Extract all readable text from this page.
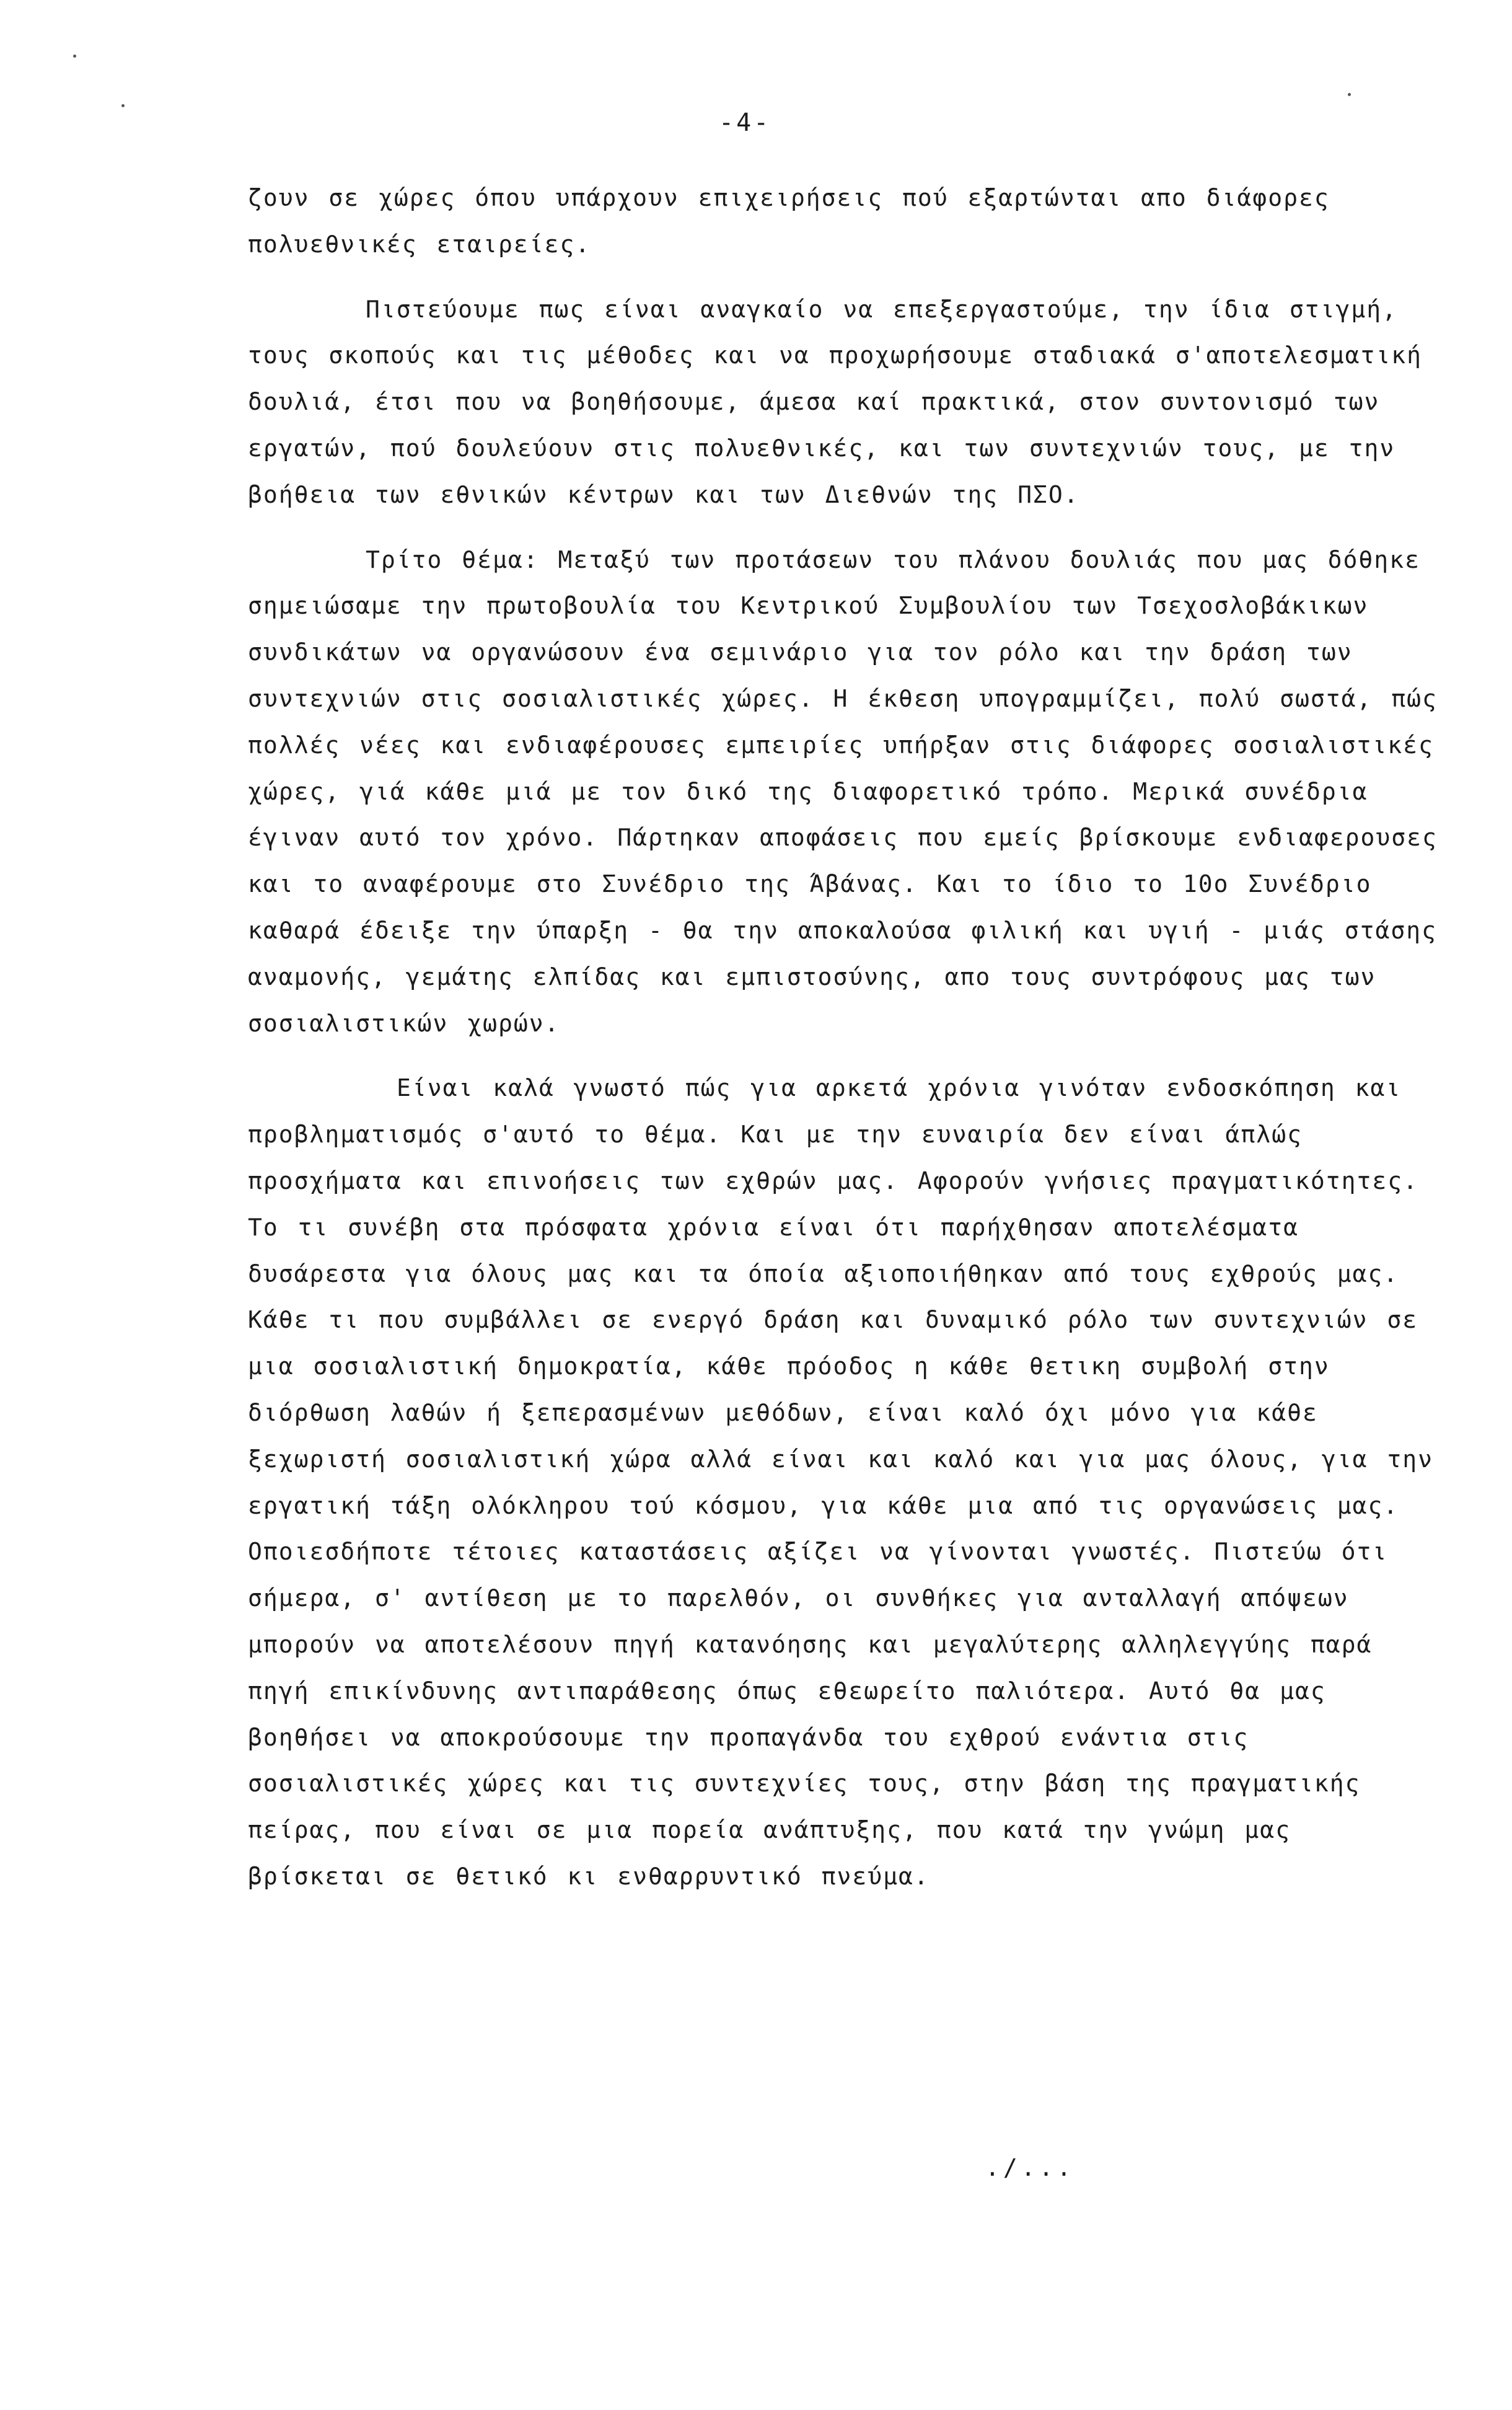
-4-

ζουν σε χώρες όπου υπάρχουν επιχειρήσεις πού εξαρτώνται απο διάφορες πολυεθνικές εταιρείες.

Πιστεύουμε πως είναι αναγκαίο να επεξεργαστούμε, την ίδια στιγμή, τους σκοπούς και τις μέθοδες και να προχωρήσουμε σταδιακά σ'αποτελεσματική δουλιά, έτσι που να βοηθήσουμε, άμεσα καί πρακτικά, στον συντονισμό των εργατών, πού δουλεύουν στις πολυεθνικές, και των συντεχνιών τους, με την βοήθεια των εθνικών κέντρων και των Διεθνών της ΠΣΟ.

Τρίτο θέμα: Μεταξύ των προτάσεων του πλάνου δουλιάς που μας δόθηκε σημειώσαμε την πρωτοβουλία του Κεντρικού Συμβουλίου των Τσεχοσλοβάκικων συνδικάτων να οργανώσουν ένα σεμινάριο για τον ρόλο και την δράση των συντεχνιών στις σοσιαλιστικές χώρες. Η έκθεση υπογραμμίζει, πολύ σωστά, πώς πολλές νέες και ενδιαφέρουσες εμπειρίες υπήρξαν στις διάφορες σοσιαλιστικές χώρες, γιά κάθε μιά με τον δικό της διαφορετικό τρόπο. Μερικά συνέδρια έγιναν αυτό τον χρόνο. Πάρτηκαν αποφάσεις που εμείς βρίσκουμε ενδιαφερουσες και το αναφέρουμε στο Συνέδριο της Άβάνας. Και το ίδιο το 10ο Συνέδριο καθαρά έδειξε την ύπαρξη - θα την αποκαλούσα φιλική και υγιή - μιάς στάσης αναμονής, γεμάτης ελπίδας και εμπιστοσύνης, απο τους συντρόφους μας των σοσιαλιστικών χωρών.

Είναι καλά γνωστό πώς για αρκετά χρόνια γινόταν ενδοσκόπηση και προβληματισμός σ'αυτό το θέμα. Και με την ευναιρία δεν είναι άπλώς προσχήματα και επινοήσεις των εχθρών μας. Αφορούν γνήσιες πραγματικότητες. Το τι συνέβη στα πρόσφατα χρόνια είναι ότι παρήχθησαν αποτελέσματα δυσάρεστα για όλους μας και τα όποία αξιοποιήθηκαν από τους εχθρούς μας. Κάθε τι που συμβάλλει σε ενεργό δράση και δυναμικό ρόλο των συντεχνιών σε μια σοσιαλιστική δημοκρατία, κάθε πρόοδος η κάθε θετικη συμβολή στην διόρθωση λαθών ή ξεπερασμένων μεθόδων, είναι καλό όχι μόνο για κάθε ξεχωριστή σοσιαλιστική χώρα αλλά είναι και καλό και για μας όλους, για την εργατική τάξη ολόκληρου τού κόσμου, για κάθε μια από τις οργανώσεις μας. Οποιεσδήποτε τέτοιες καταστάσεις αξίζει να γίνονται γνωστές. Πιστεύω ότι σήμερα, σ' αντίθεση με το παρελθόν, οι συνθήκες για ανταλλαγή απόψεων μπορούν να αποτελέσουν πηγή κατανόησης και μεγαλύτερης αλληλεγγύης παρά πηγή επικίνδυνης αντιπαράθεσης όπως εθεωρείτο παλιότερα. Αυτό θα μας βοηθήσει να αποκρούσουμε την προπαγάνδα του εχθρού ενάντια στις σοσιαλιστικές χώρες και τις συντεχνίες τους, στην βάση της πραγματικής πείρας, που είναι σε μια πορεία ανάπτυξης, που κατά την γνώμη μας βρίσκεται σε θετικό κι ενθαρρυντικό πνεύμα.

./...
